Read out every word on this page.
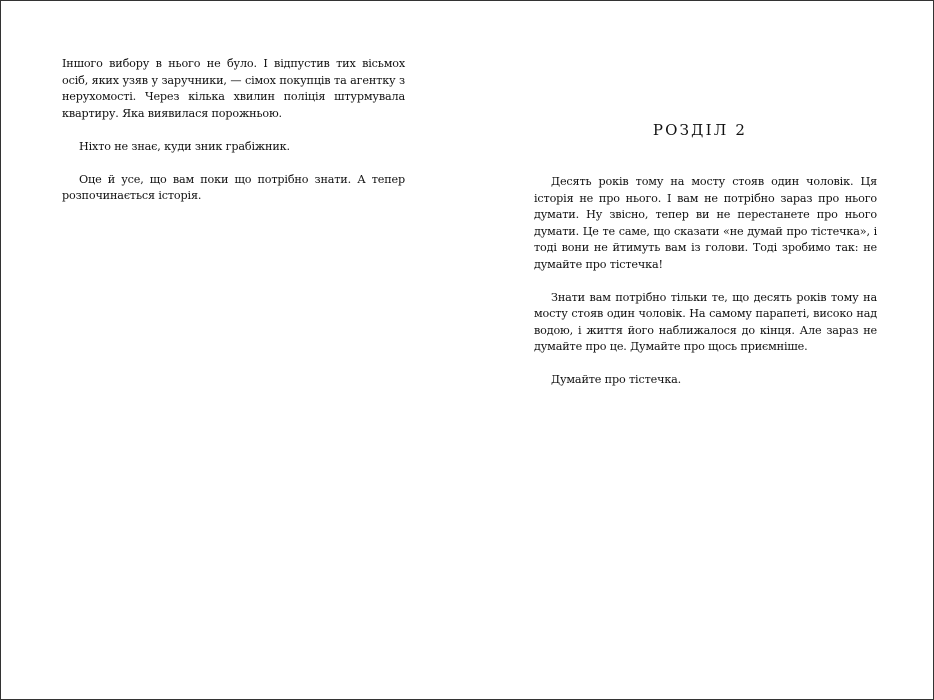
Іншого вибору в нього не було. І відпустив тих вісьмох осіб, яких узяв у заручники, — сімох покупців та агентку з нерухомості. Через кілька хвилин поліція штурмувала квартиру. Яка виявилася порожньою.

Ніхто не знає, куди зник грабіжник.

Оце й усе, що вам поки що потрібно знати. А тепер розпочинається історія.

РОЗДІЛ 2

Десять років тому на мосту стояв один чоловік. Ця історія не про нього. І вам не потрібно зараз про нього думати. Ну звісно, тепер ви не перестанете про нього думати. Це те саме, що сказати «не думай про тістечка», і тоді вони не йтимуть вам із голови. Тоді зробимо так: не думайте про тістечка!

Знати вам потрібно тільки те, що десять років тому на мосту стояв один чоловік. На самому парапеті, високо над водою, і життя його наближалося до кінця. Але зараз не думайте про це. Думайте про щось приємніше.

Думайте про тістечка.
